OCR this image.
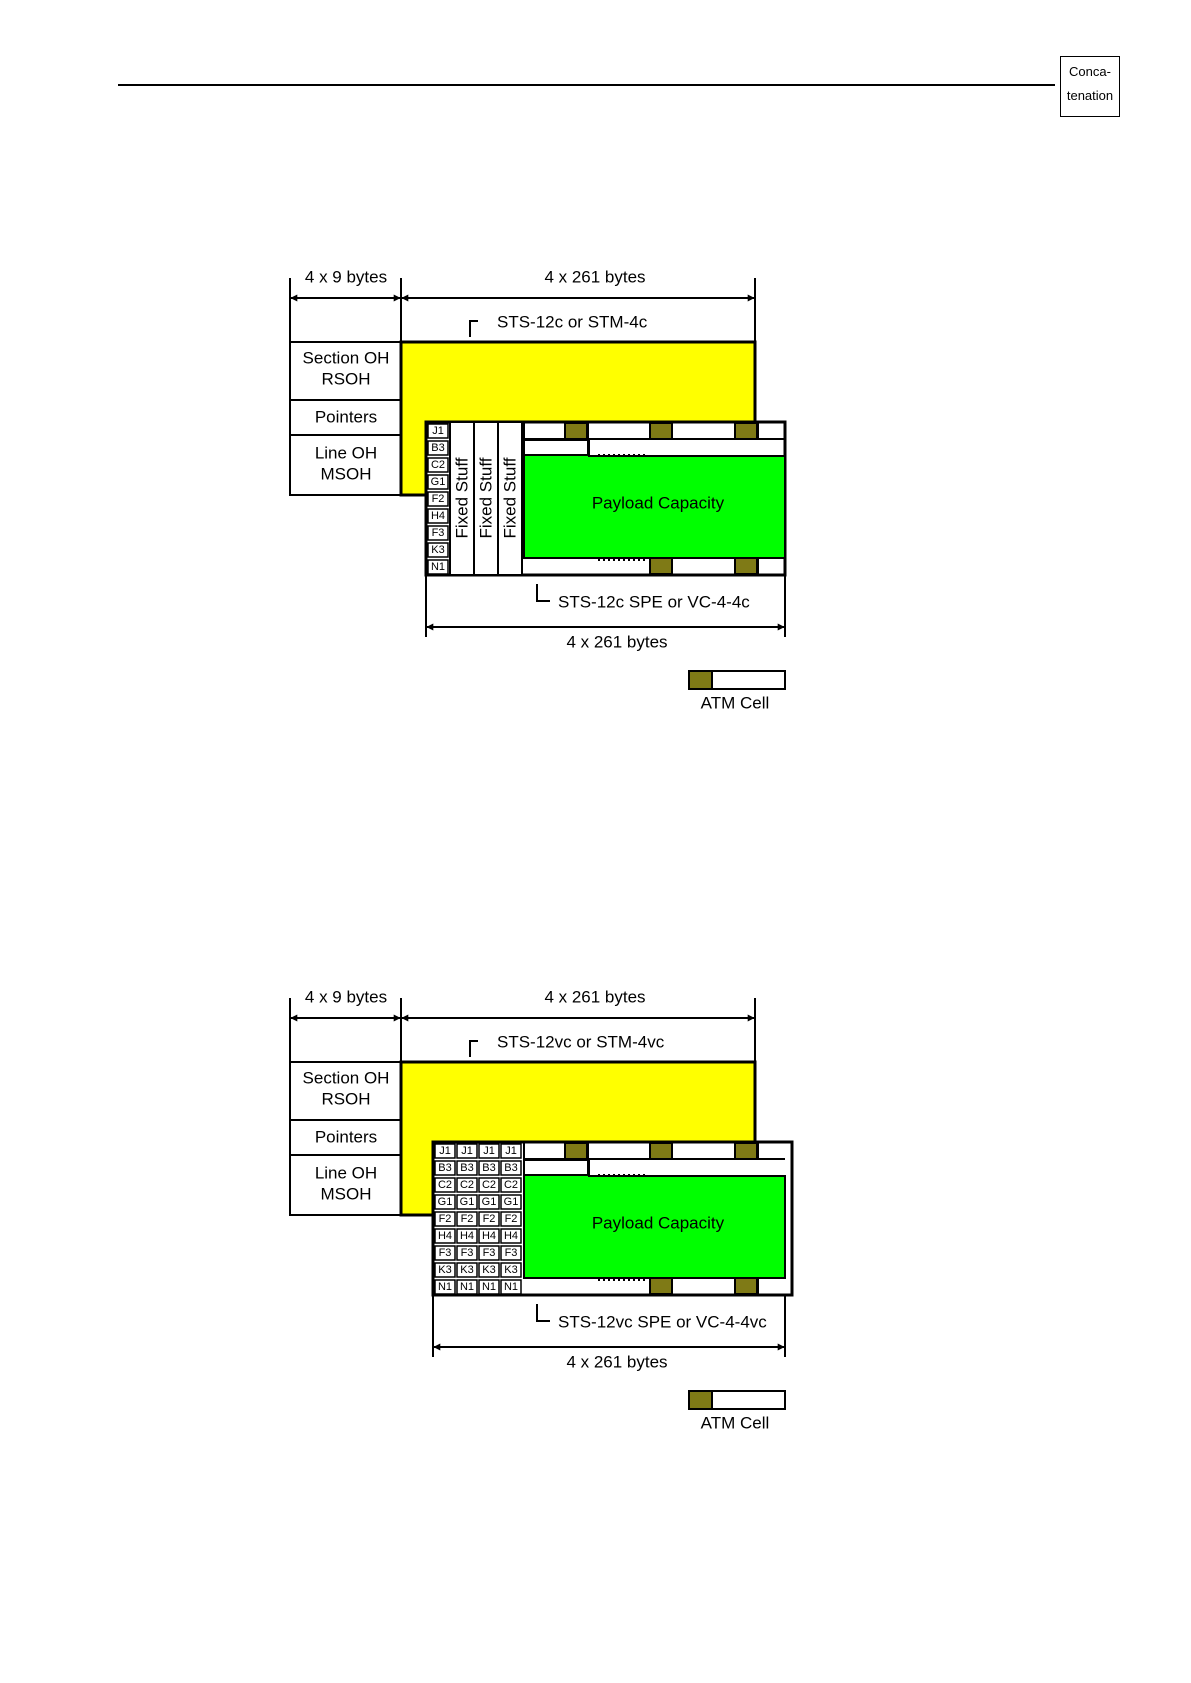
Conca-
tenation
4 x 9 bytes	4 x 261 bytes
STS-12c or STM-4c
Section OH
RSOH
Pointers
Line OH
MSOH
J1
B3
C2
G1
F2
H4
F3
K3
N1
Fixed Stuff Fixed Stuff Fixed Stuff	Payload Capacity
STS-12c SPE or VC-4-4c
4 x 261 bytes
ATM Cell
4 x 9 bytes	4 x 261 bytes
STS-12vc or STM-4vc
Section OH
RSOH
Pointers
Line OH
MSOH
J1 J1 J1 J1
B3 B3 B3 B3
C2 C2 C2 C2
G1 G1 G1 G1
F2 F2 F2 F2
H4 H4 H4 H4
F3 F3 F3 F3
K3 K3 K3 K3
N1 N1 N1 N1
Payload Capacity
STS-12vc SPE or VC-4-4vc
4 x 261 bytes
ATM Cell
